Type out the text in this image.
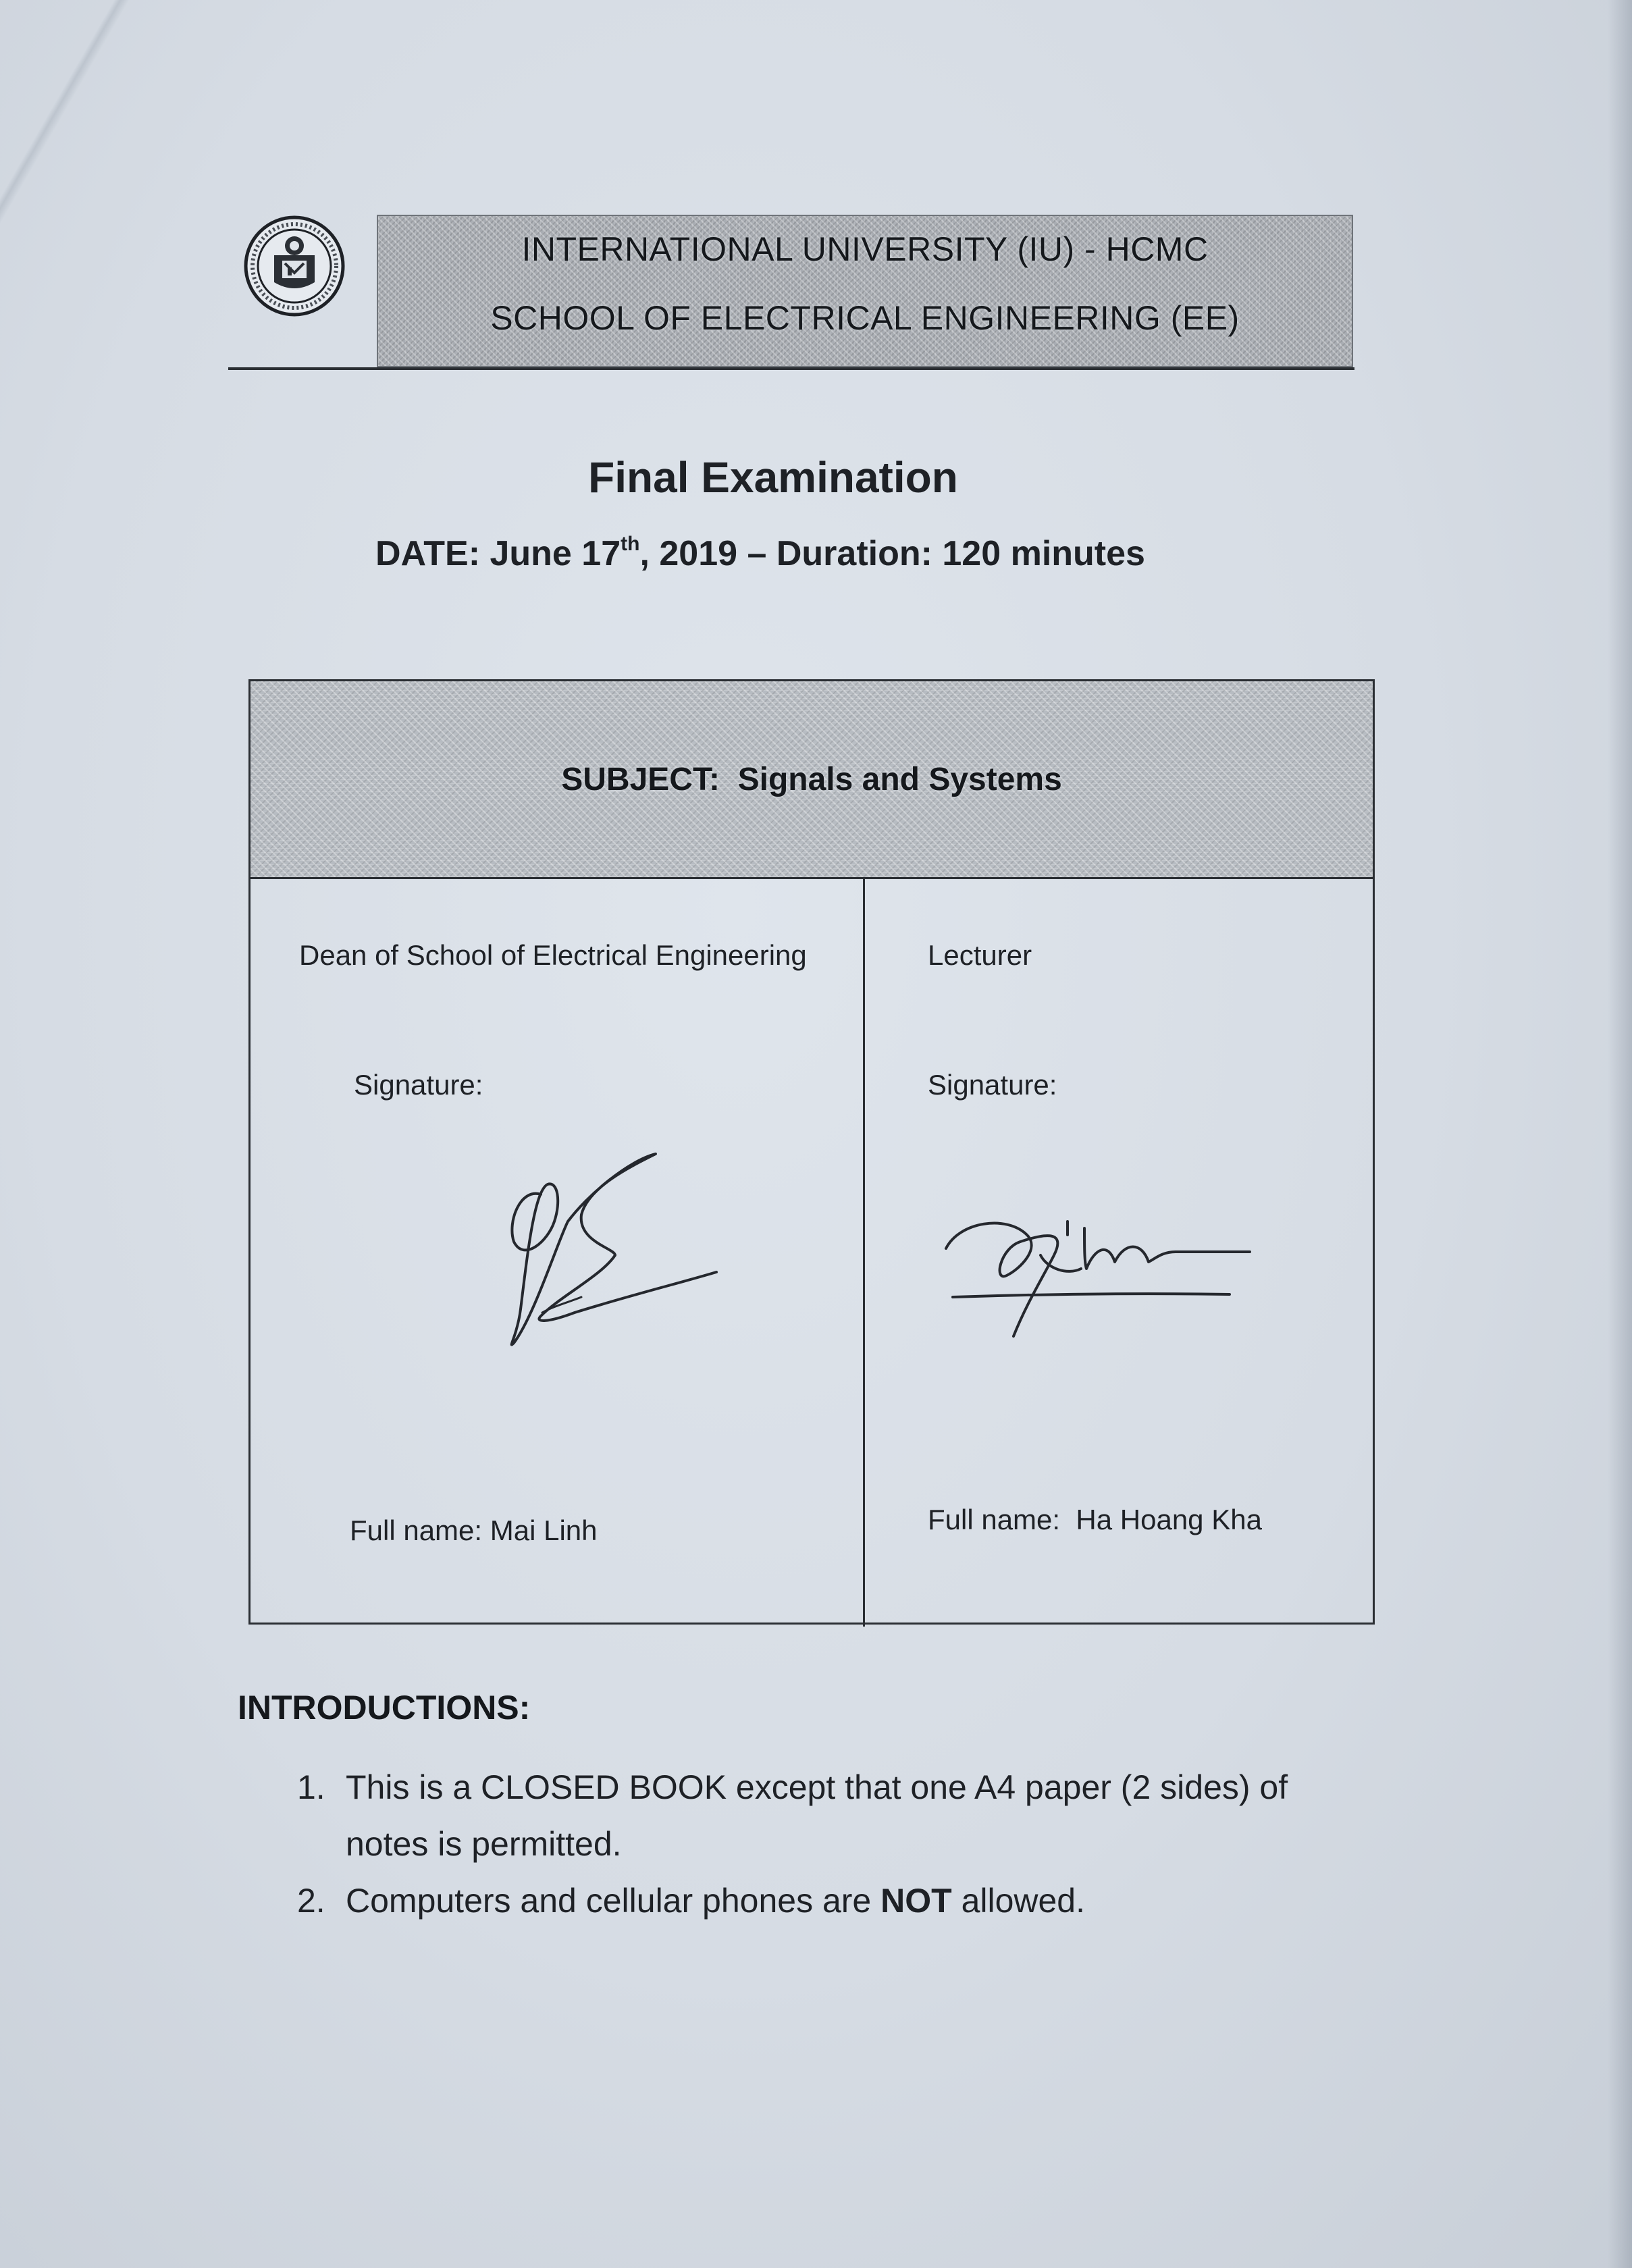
INTERNATIONAL UNIVERSITY (IU) - HCMC
SCHOOL OF ELECTRICAL ENGINEERING (EE)
Final Examination
DATE: June 17th, 2019 – Duration: 120 minutes
SUBJECT: Signals and Systems
Dean of School of Electrical Engineering
Signature:
Full name: Mai Linh
Lecturer
Signature:
Full name: Ha Hoang Kha
INTRODUCTIONS:
1. This is a CLOSED BOOK except that one A4 paper (2 sides) of
notes is permitted.
2. Computers and cellular phones are NOT allowed.
